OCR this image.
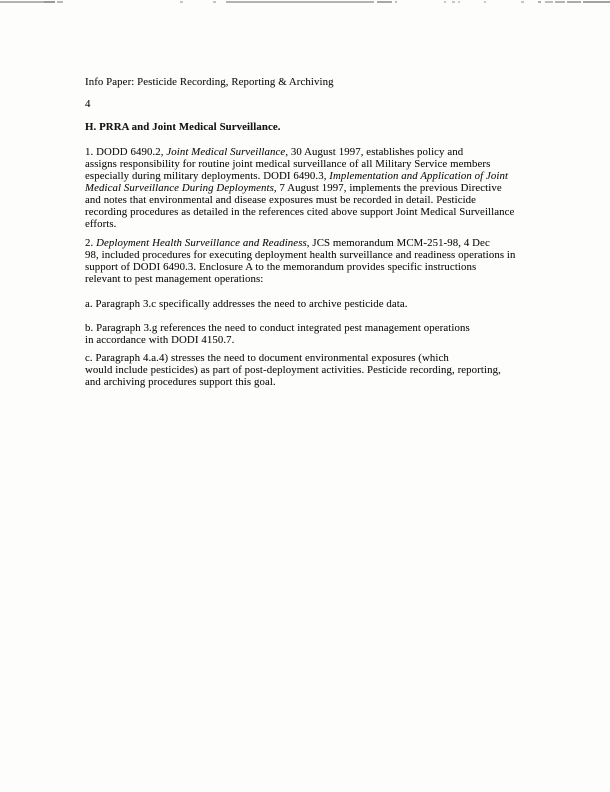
Info Paper: Pesticide Recording, Reporting & Archiving
4
H. PRRA and Joint Medical Surveillance.
1. DODD 6490.2, Joint Medical Surveillance, 30 August 1997, establishes policy and
assigns responsibility for routine joint medical surveillance of all Military Service members
especially during military deployments. DODI 6490.3, Implementation and Application of Joint
Medical Surveillance During Deployments, 7 August 1997, implements the previous Directive
and notes that environmental and disease exposures must be recorded in detail. Pesticide
recording procedures as detailed in the references cited above support Joint Medical Surveillance
efforts.
2. Deployment Health Surveillance and Readiness, JCS memorandum MCM-251-98, 4 Dec
98, included procedures for executing deployment health surveillance and readiness operations in
support of DODI 6490.3. Enclosure A to the memorandum provides specific instructions
relevant to pest management operations:
a. Paragraph 3.c specifically addresses the need to archive pesticide data.
b. Paragraph 3.g references the need to conduct integrated pest management operations
in accordance with DODI 4150.7.
c. Paragraph 4.a.4) stresses the need to document environmental exposures (which
would include pesticides) as part of post-deployment activities. Pesticide recording, reporting,
and archiving procedures support this goal.
